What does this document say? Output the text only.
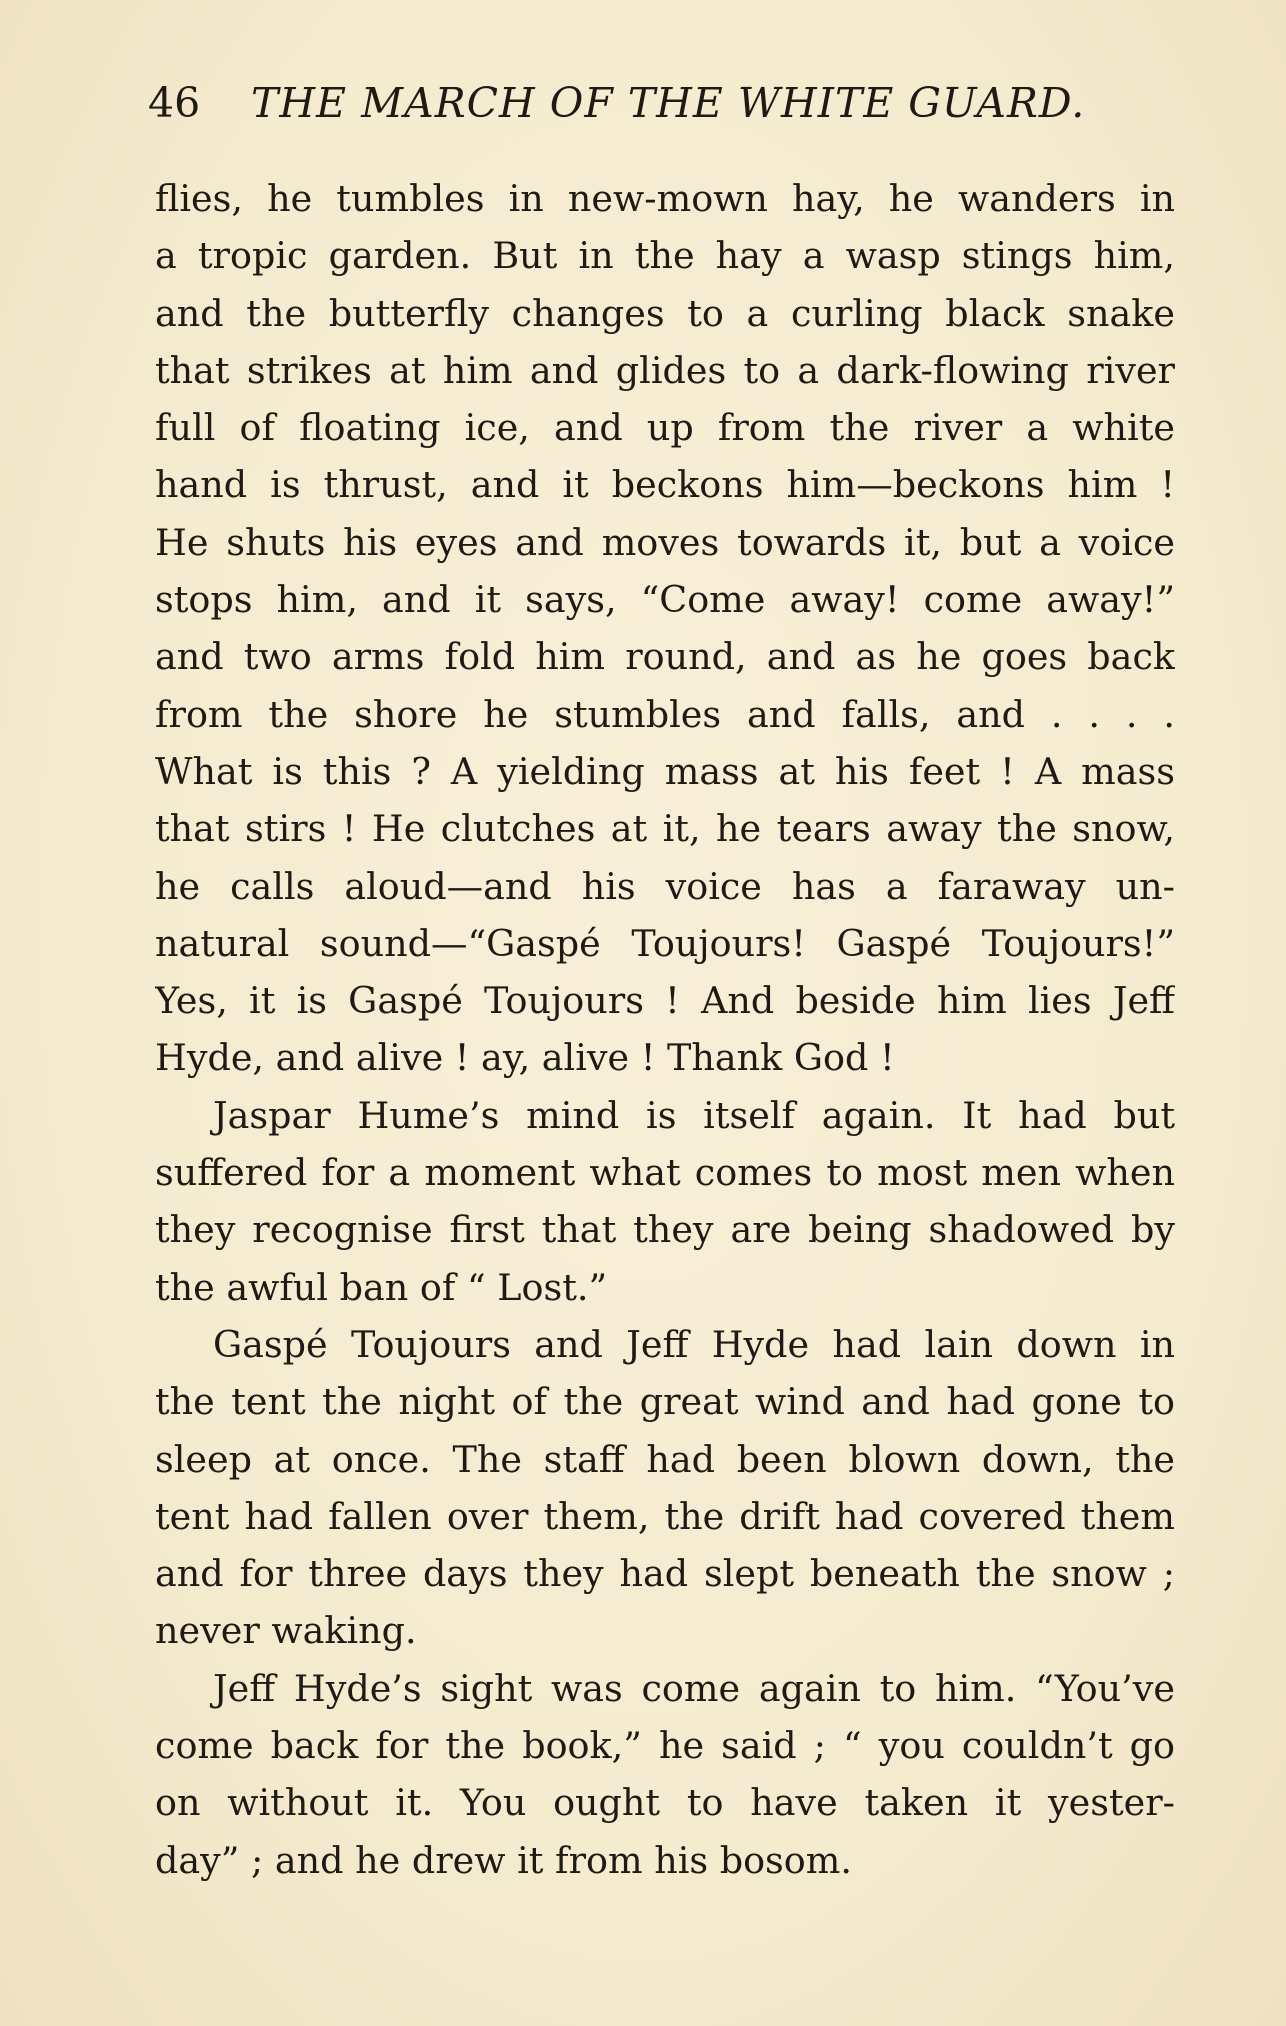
46 THE MARCH OF THE WHITE GUARD.
flies, he tumbles in new-mown hay, he wanders in
a tropic garden. But in the hay a wasp stings him,
and the butterfly changes to a curling black snake
that strikes at him and glides to a dark-flowing river
full of floating ice, and up from the river a white
hand is thrust, and it beckons him—beckons him !
He shuts his eyes and moves towards it, but a voice
stops him, and it says, “Come away! come away!”
and two arms fold him round, and as he goes back
from the shore he stumbles and falls, and . . . .
What is this ? A yielding mass at his feet ! A mass
that stirs ! He clutches at it, he tears away the snow,
he calls aloud—and his voice has a faraway un-
natural sound—“Gaspé Toujours! Gaspé Toujours!”
Yes, it is Gaspé Toujours ! And beside him lies Jeff
Hyde, and alive ! ay, alive ! Thank God !
Jaspar Hume’s mind is itself again. It had but
suffered for a moment what comes to most men when
they recognise first that they are being shadowed by
the awful ban of “ Lost.”
Gaspé Toujours and Jeff Hyde had lain down in
the tent the night of the great wind and had gone to
sleep at once. The staff had been blown down, the
tent had fallen over them, the drift had covered them
and for three days they had slept beneath the snow ;
never waking.
Jeff Hyde’s sight was come again to him. “You’ve
come back for the book,” he said ; “ you couldn’t go
on without it. You ought to have taken it yester-
day” ; and he drew it from his bosom.
